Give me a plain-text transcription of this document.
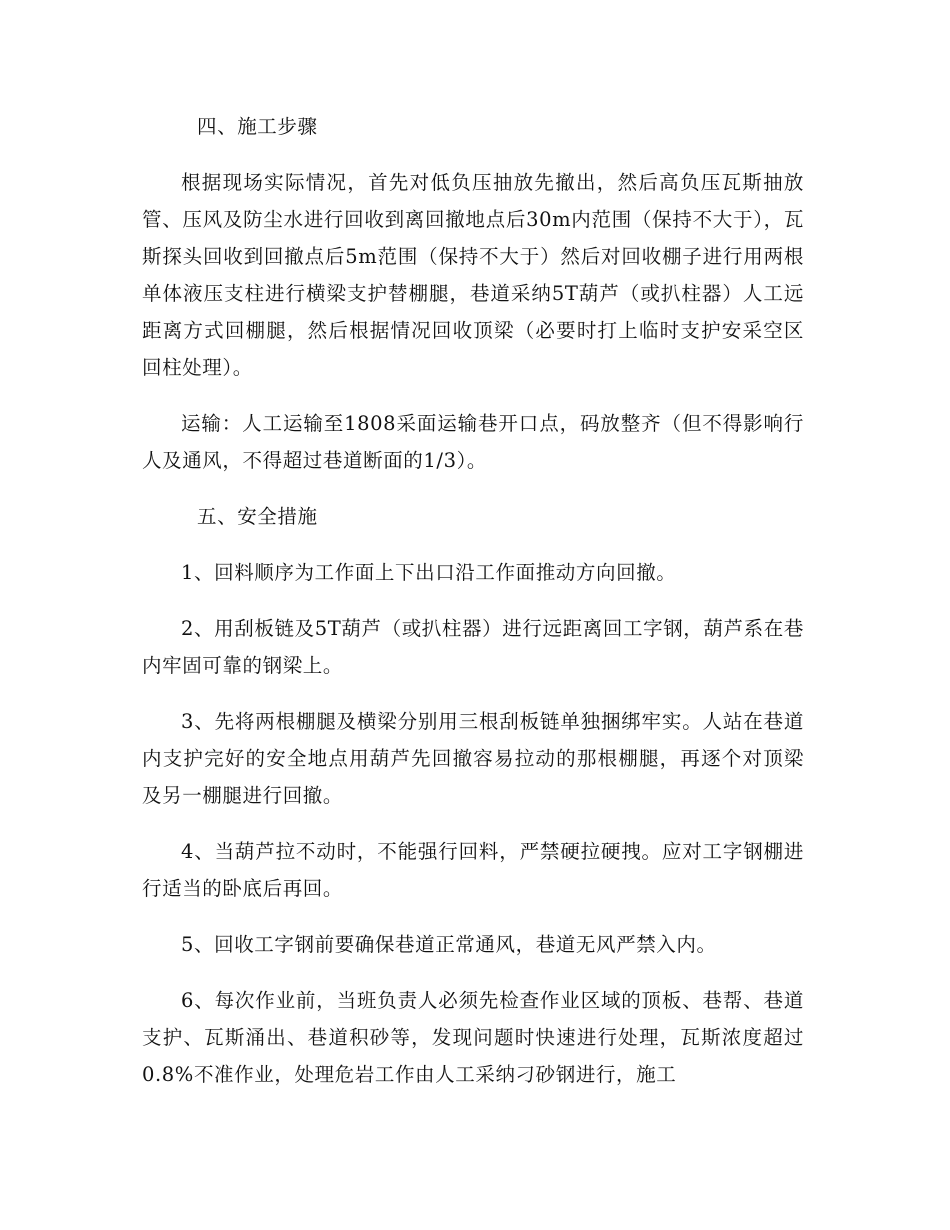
四、施工步骤

根据现场实际情况，首先对低负压抽放先撤出，然后高负压瓦斯抽放管、压风及防尘水进行回收到离回撤地点后30m内范围（保持不大于），瓦斯探头回收到回撤点后5m范围（保持不大于）然后对回收棚子进行用两根单体液压支柱进行横梁支护替棚腿，巷道采纳5T葫芦（或扒柱器）人工远距离方式回棚腿，然后根据情况回收顶梁（必要时打上临时支护安采空区回柱处理）。

运输：人工运输至1808采面运输巷开口点，码放整齐（但不得影响行人及通风，不得超过巷道断面的1/3）。

五、安全措施

1、回料顺序为工作面上下出口沿工作面推动方向回撤。

2、用刮板链及5T葫芦（或扒柱器）进行远距离回工字钢，葫芦系在巷内牢固可靠的钢梁上。

3、先将两根棚腿及横梁分别用三根刮板链单独捆绑牢实。人站在巷道内支护完好的安全地点用葫芦先回撤容易拉动的那根棚腿，再逐个对顶梁及另一棚腿进行回撤。

4、当葫芦拉不动时，不能强行回料，严禁硬拉硬拽。应对工字钢棚进行适当的卧底后再回。

5、回收工字钢前要确保巷道正常通风，巷道无风严禁入内。

6、每次作业前，当班负责人必须先检查作业区域的顶板、巷帮、巷道支护、瓦斯涌出、巷道积砂等，发现问题时快速进行处理，瓦斯浓度超过0.8%不准作业，处理危岩工作由人工采纳刁砂钢进行，施工
